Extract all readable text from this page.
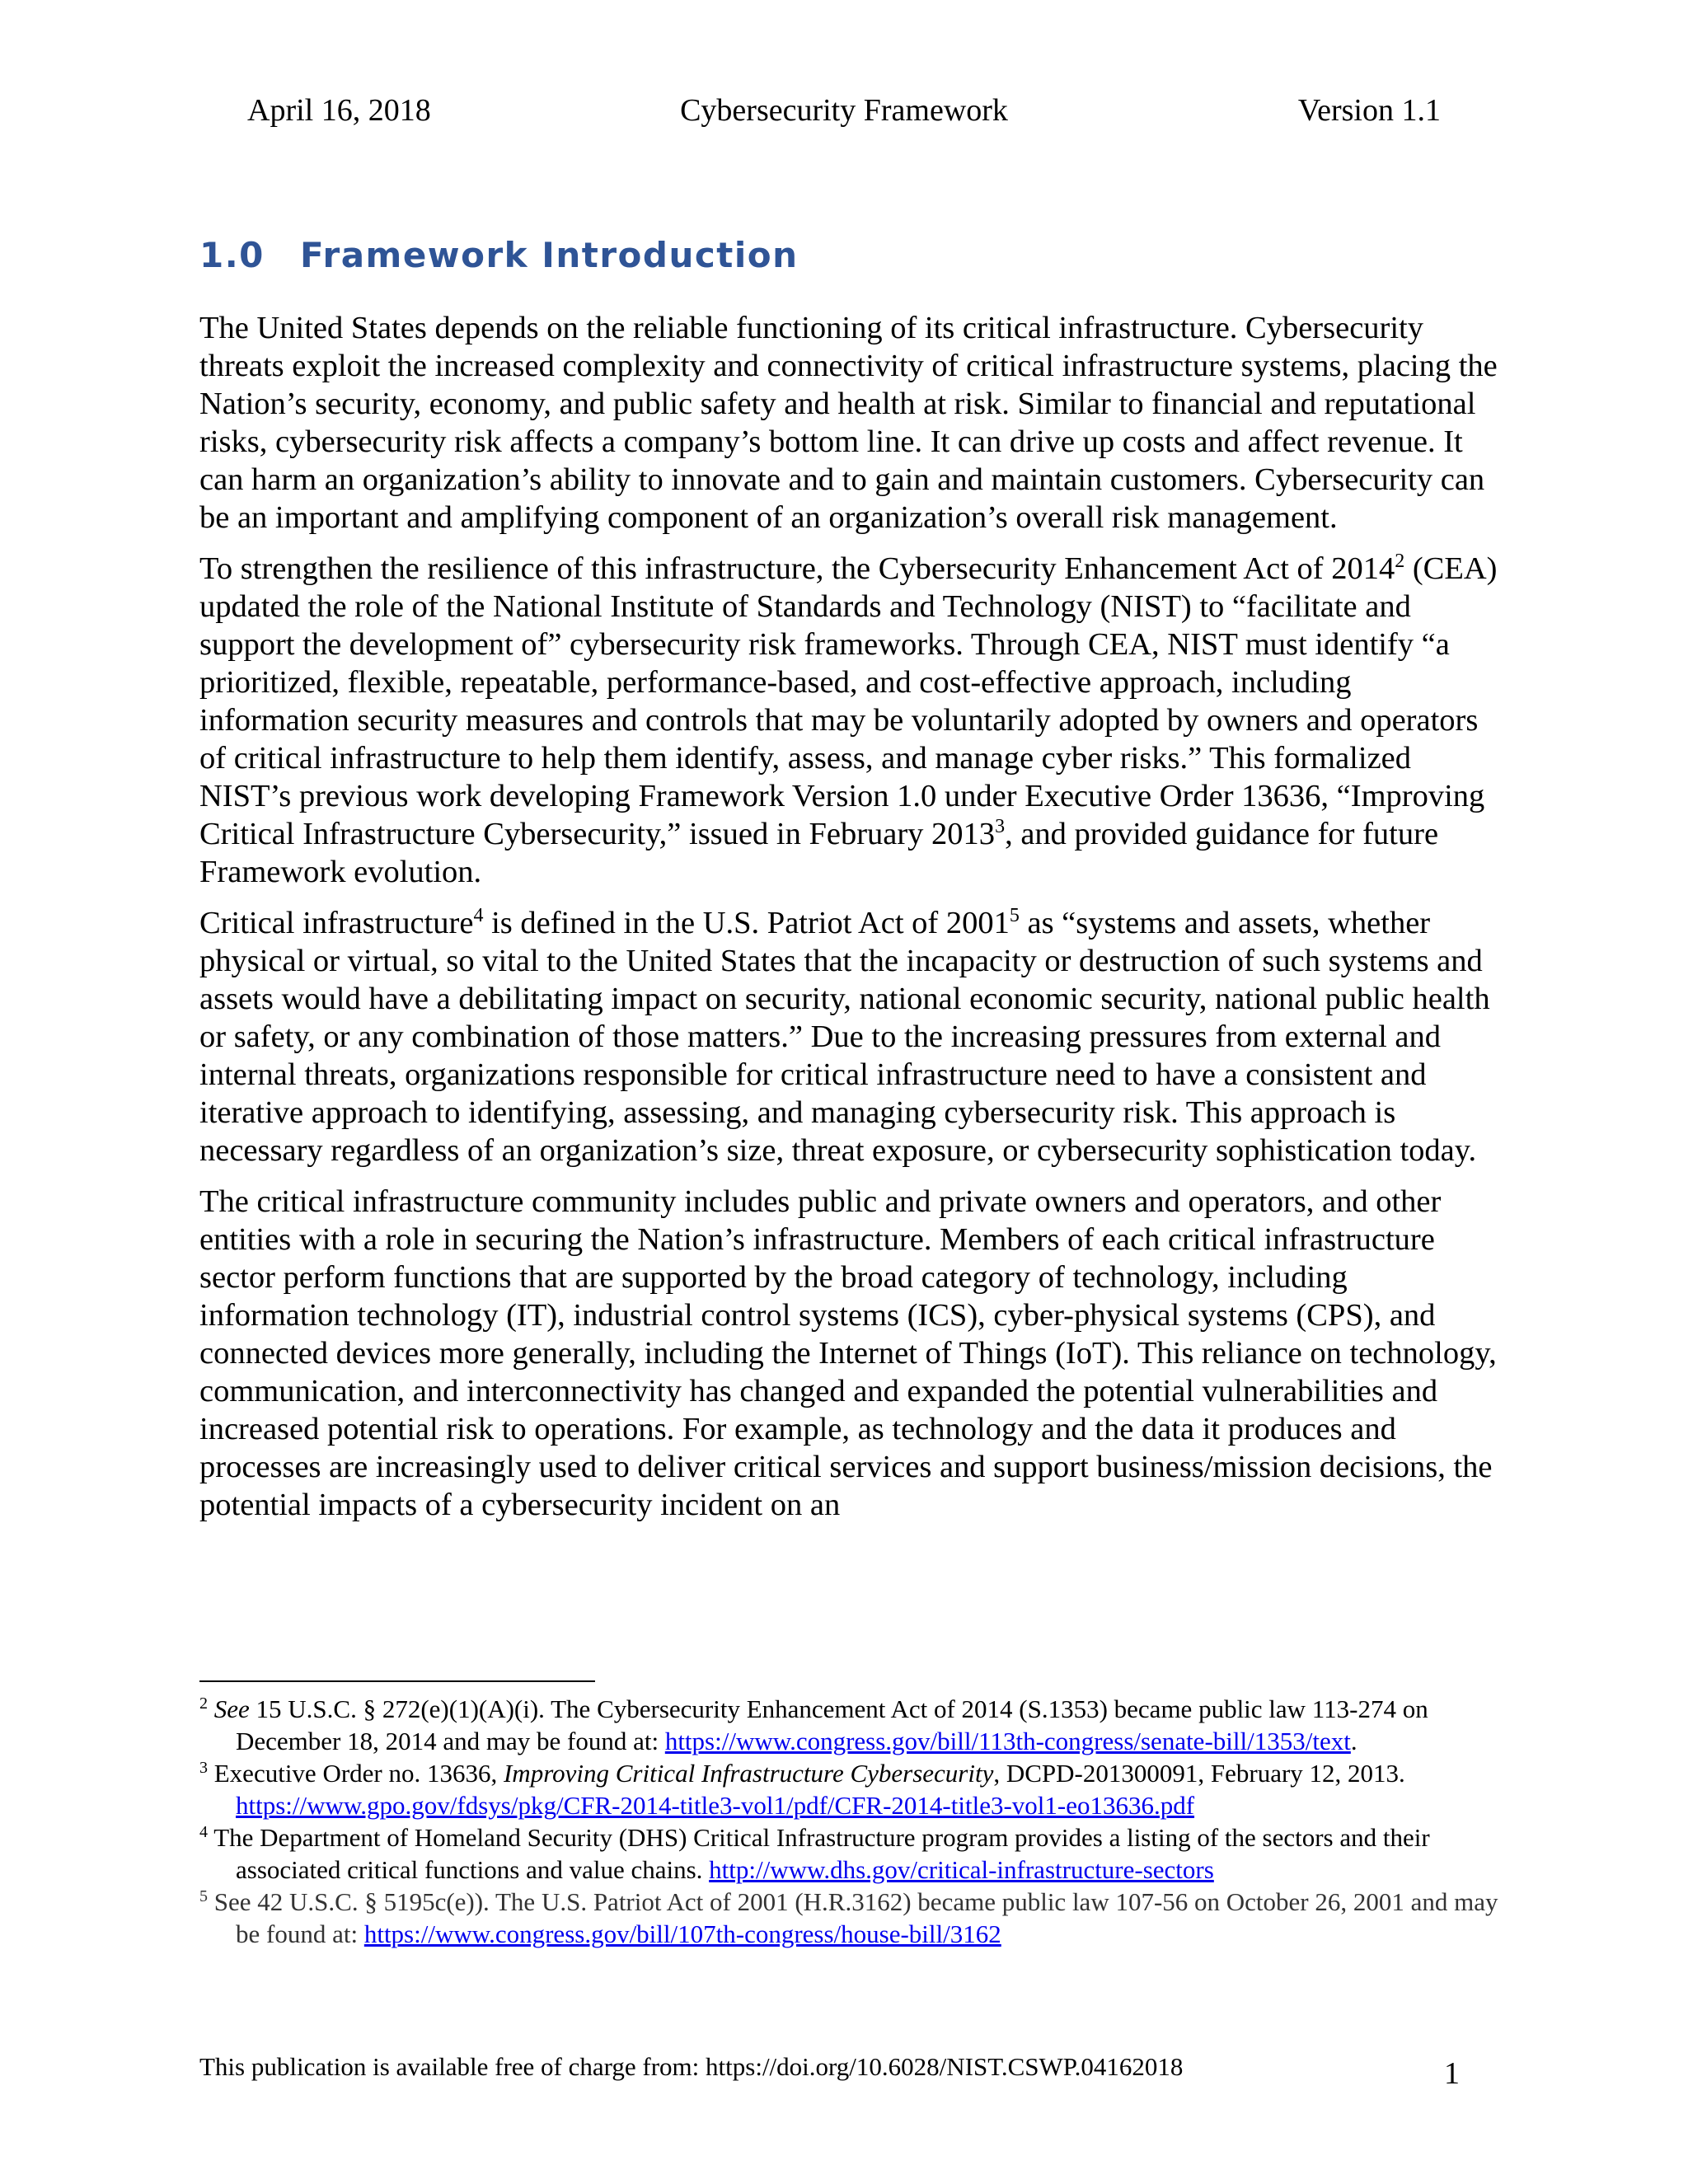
April 16, 2018	Cybersecurity Framework	Version 1.1
1.0 Framework Introduction

The United States depends on the reliable functioning of its critical infrastructure. Cybersecurity threats exploit the increased complexity and connectivity of critical infrastructure systems, placing the Nation’s security, economy, and public safety and health at risk. Similar to financial and reputational risks, cybersecurity risk affects a company’s bottom line. It can drive up costs and affect revenue. It can harm an organization’s ability to innovate and to gain and maintain customers. Cybersecurity can be an important and amplifying component of an organization’s overall risk management.

To strengthen the resilience of this infrastructure, the Cybersecurity Enhancement Act of 2014$^2$ (CEA) updated the role of the National Institute of Standards and Technology (NIST) to “facilitate and support the development of” cybersecurity risk frameworks. Through CEA, NIST must identify “a prioritized, flexible, repeatable, performance-based, and cost-effective approach, including information security measures and controls that may be voluntarily adopted by owners and operators of critical infrastructure to help them identify, assess, and manage cyber risks.” This formalized NIST’s previous work developing Framework Version 1.0 under Executive Order 13636, “Improving Critical Infrastructure Cybersecurity,” issued in February 2013$^3$, and provided guidance for future Framework evolution.

Critical infrastructure$^4$ is defined in the U.S. Patriot Act of 2001$^5$ as “systems and assets, whether physical or virtual, so vital to the United States that the incapacity or destruction of such systems and assets would have a debilitating impact on security, national economic security, national public health or safety, or any combination of those matters.” Due to the increasing pressures from external and internal threats, organizations responsible for critical infrastructure need to have a consistent and iterative approach to identifying, assessing, and managing cybersecurity risk. This approach is necessary regardless of an organization’s size, threat exposure, or cybersecurity sophistication today.

The critical infrastructure community includes public and private owners and operators, and other entities with a role in securing the Nation’s infrastructure. Members of each critical infrastructure sector perform functions that are supported by the broad category of technology, including information technology (IT), industrial control systems (ICS), cyber-physical systems (CPS), and connected devices more generally, including the Internet of Things (IoT). This reliance on technology, communication, and interconnectivity has changed and expanded the potential vulnerabilities and increased potential risk to operations. For example, as technology and the data it produces and processes are increasingly used to deliver critical services and support business/mission decisions, the potential impacts of a cybersecurity incident on an

$^2$ See 15 U.S.C. § 272(e)(1)(A)(i). The Cybersecurity Enhancement Act of 2014 (S.1353) became public law 113-274 on December 18, 2014 and may be found at: https://www.congress.gov/bill/113th-congress/senate-bill/1353/text.

$^3$ Executive Order no. 13636, Improving Critical Infrastructure Cybersecurity, DCPD-201300091, February 12, 2013. https://www.gpo.gov/fdsys/pkg/CFR-2014-title3-vol1/pdf/CFR-2014-title3-vol1-eo13636.pdf

$^4$ The Department of Homeland Security (DHS) Critical Infrastructure program provides a listing of the sectors and their associated critical functions and value chains. http://www.dhs.gov/critical-infrastructure-sectors

$^5$ See 42 U.S.C. § 5195c(e)). The U.S. Patriot Act of 2001 (H.R.3162) became public law 107-56 on October 26, 2001 and may be found at: https://www.congress.gov/bill/107th-congress/house-bill/3162

This publication is available free of charge from: https://doi.org/10.6028/NIST.CSWP.04162018	1
